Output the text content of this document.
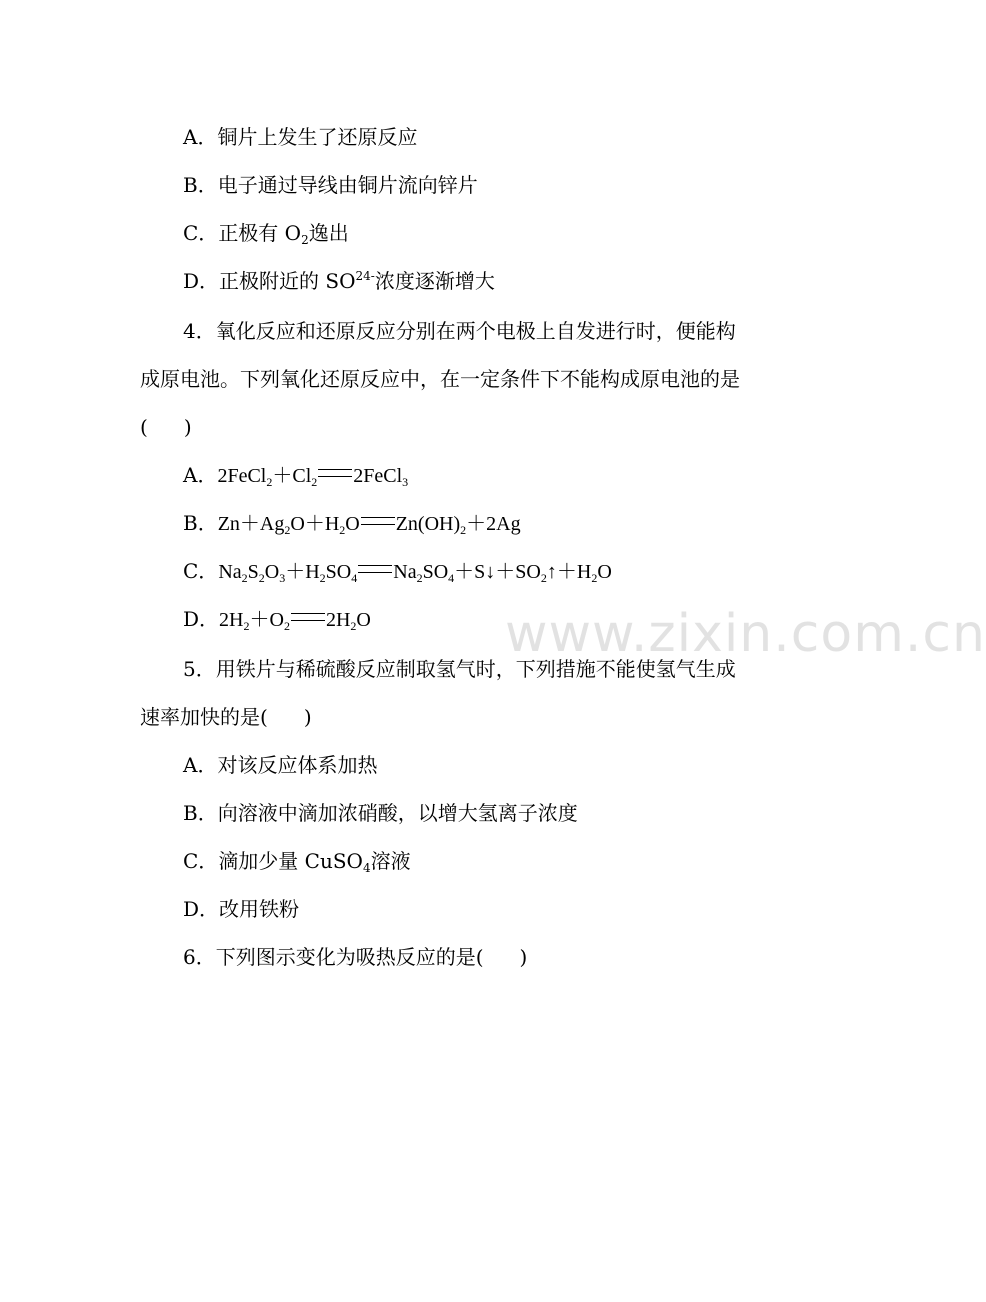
A．铜片上发生了还原反应
B．电子通过导线由铜片流向锌片
C．正极有 $O_2$逸出
D．正极附近的 $SO^{24-}$浓度逐渐增大
4．氧化反应和还原反应分别在两个电极上自发进行时，便能构
成原电池。下列氧化还原反应中，在一定条件下不能构成原电池的是
( )
A．$2FeCl_2+Cl_2$ 2FeCl$_3$
B．$Zn+Ag_2O+H_2O$ $Zn(OH)_2+2Ag$
C．$Na_2S_2O_3+H_2SO_4$ $Na_2SO_4+S↓+SO_2↑+H_2O$
D．$2H_2+O_2$ $2H_2O$	www.zixin.com.cn
5．用铁片与稀硫酸反应制取氢气时，下列措施不能使氢气生成
速率加快的是( )
A．对该反应体系加热
B．向溶液中滴加浓硝酸，以增大氢离子浓度
C．滴加少量 CuSO$_4$溶液
D．改用铁粉
6．下列图示变化为吸热反应的是( )
